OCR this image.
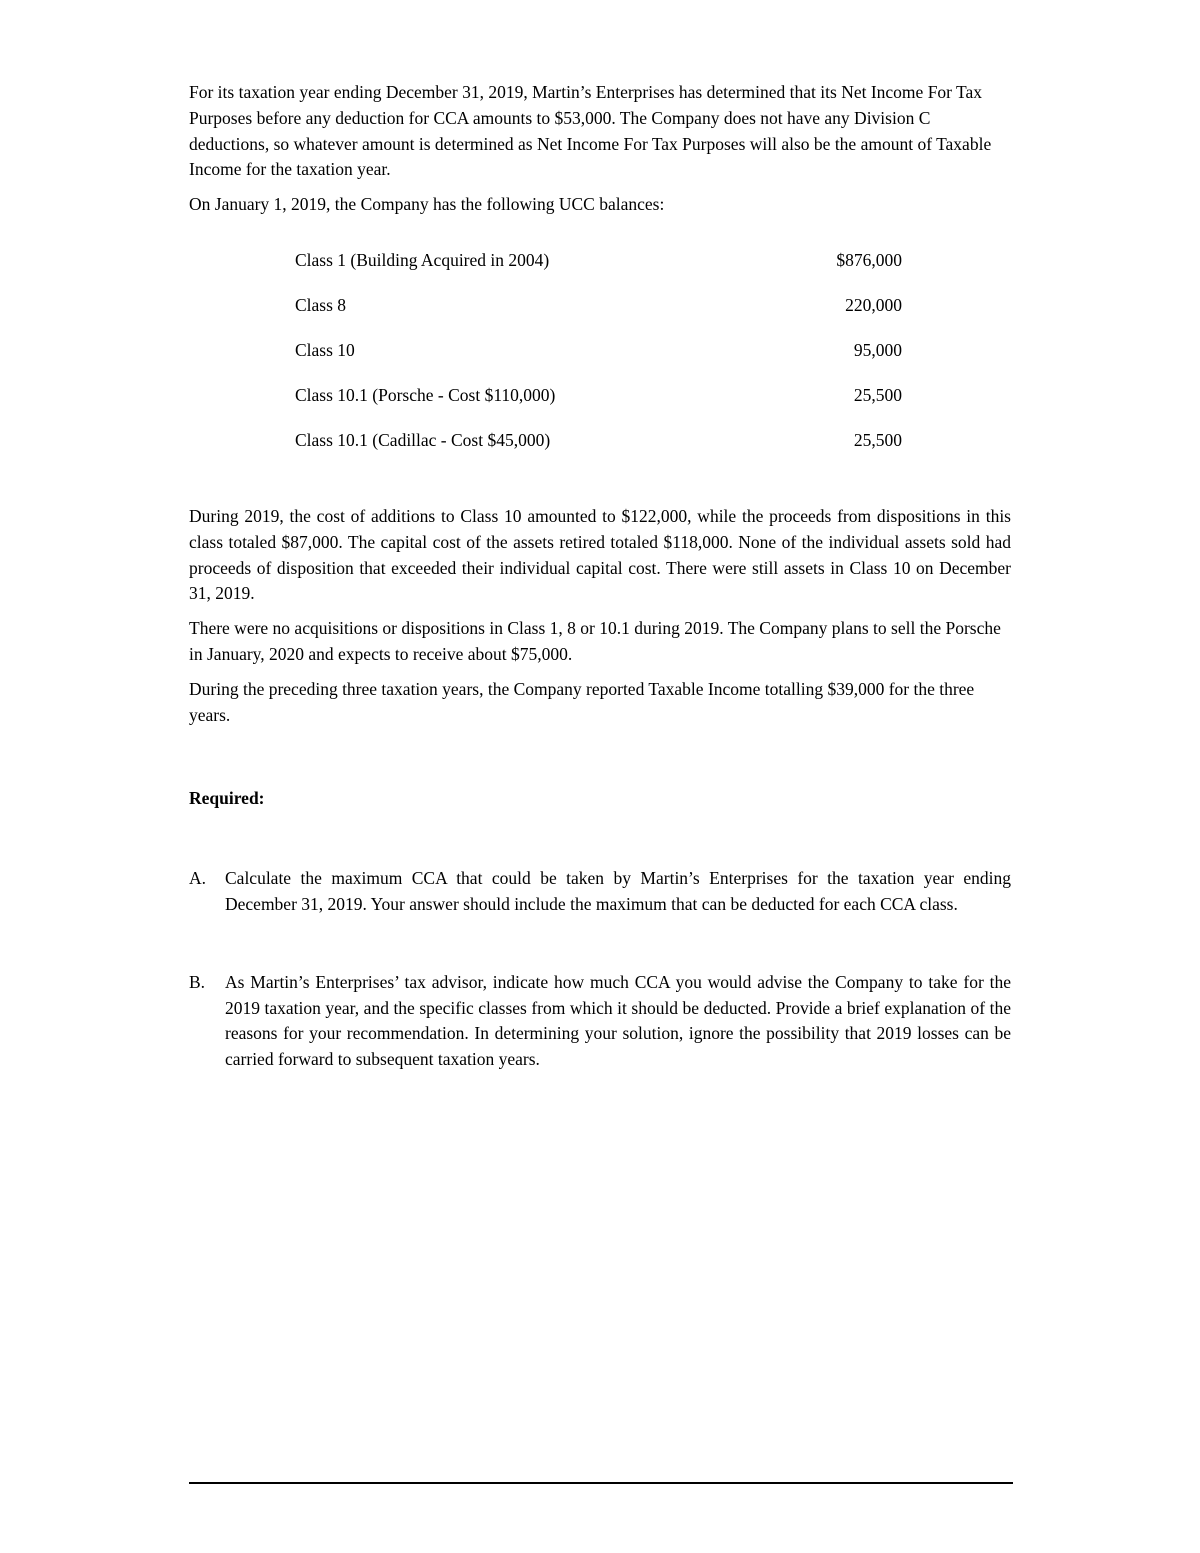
For its taxation year ending December 31, 2019, Martin’s Enterprises has determined that its Net Income For Tax Purposes before any deduction for CCA amounts to $53,000. The Company does not have any Division C deductions, so whatever amount is determined as Net Income For Tax Purposes will also be the amount of Taxable Income for the taxation year.

On January 1, 2019, the Company has the following UCC balances:

Class 1 (Building Acquired in 2004)	$876,000
Class 8	220,000
Class 10	95,000
Class 10.1 (Porsche - Cost $110,000)	25,500
Class 10.1 (Cadillac - Cost $45,000)	25,500

During 2019, the cost of additions to Class 10 amounted to $122,000, while the proceeds from dispositions in this class totaled $87,000. The capital cost of the assets retired totaled $118,000. None of the individual assets sold had proceeds of disposition that exceeded their individual capital cost. There were still assets in Class 10 on December 31, 2019.

There were no acquisitions or dispositions in Class 1, 8 or 10.1 during 2019. The Company plans to sell the Porsche in January, 2020 and expects to receive about $75,000.

During the preceding three taxation years, the Company reported Taxable Income totalling $39,000 for the three years.

Required:

A.	Calculate the maximum CCA that could be taken by Martin’s Enterprises for the taxation year ending December 31, 2019. Your answer should include the maximum that can be deducted for each CCA class.
B.	As Martin’s Enterprises’ tax advisor, indicate how much CCA you would advise the Company to take for the 2019 taxation year, and the specific classes from which it should be deducted. Provide a brief explanation of the reasons for your recommendation. In determining your solution, ignore the possibility that 2019 losses can be carried forward to subsequent taxation years.
